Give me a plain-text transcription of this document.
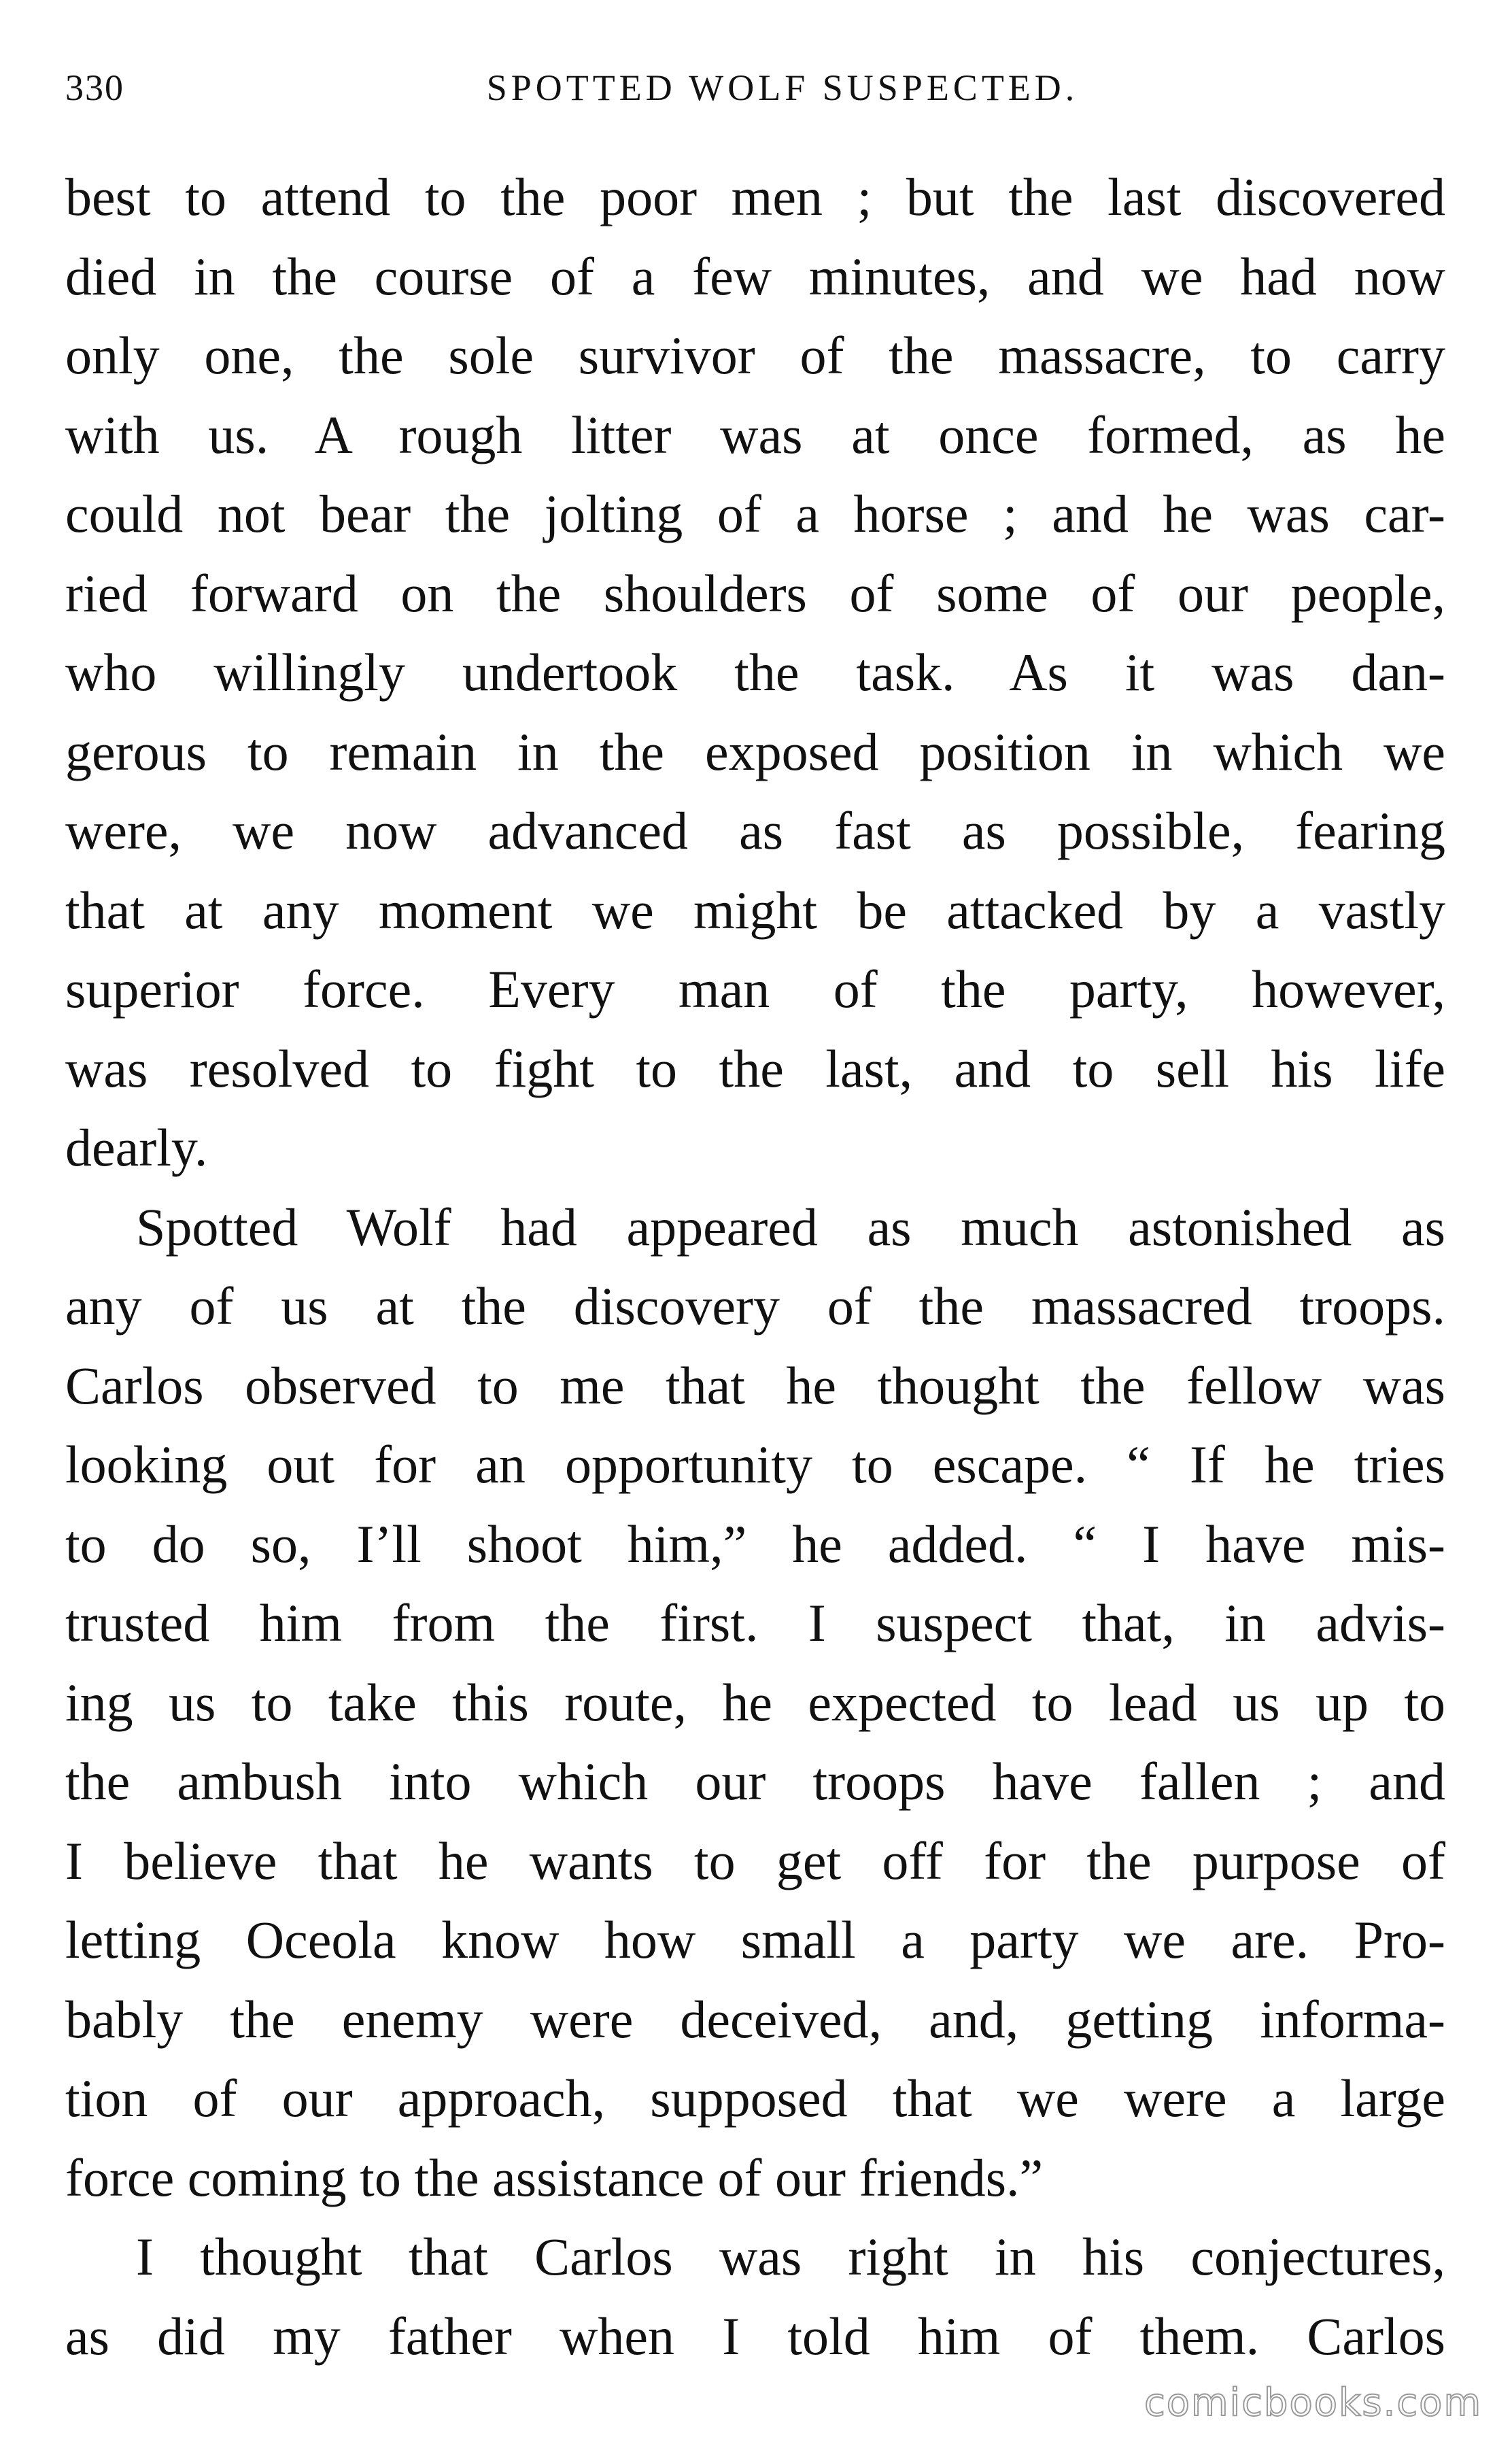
330	SPOTTED WOLF SUSPECTED.
best to attend to the poor men ; but the last discovered
died in the course of a few minutes, and we had now
only one, the sole survivor of the massacre, to carry
with us. A rough litter was at once formed, as he
could not bear the jolting of a horse ; and he was car-
ried forward on the shoulders of some of our people,
who willingly undertook the task. As it was dan-
gerous to remain in the exposed position in which we
were, we now advanced as fast as possible, fearing
that at any moment we might be attacked by a vastly
superior force. Every man of the party, however,
was resolved to fight to the last, and to sell his life
dearly.
Spotted Wolf had appeared as much astonished as
any of us at the discovery of the massacred troops.
Carlos observed to me that he thought the fellow was
looking out for an opportunity to escape. “ If he tries
to do so, I’ll shoot him,” he added. “ I have mis-
trusted him from the first. I suspect that, in advis-
ing us to take this route, he expected to lead us up to
the ambush into which our troops have fallen ; and
I believe that he wants to get off for the purpose of
letting Oceola know how small a party we are. Pro-
bably the enemy were deceived, and, getting informa-
tion of our approach, supposed that we were a large
force coming to the assistance of our friends.”
I thought that Carlos was right in his conjectures,
as did my father when I told him of them. Carlos
comicbooks.com
